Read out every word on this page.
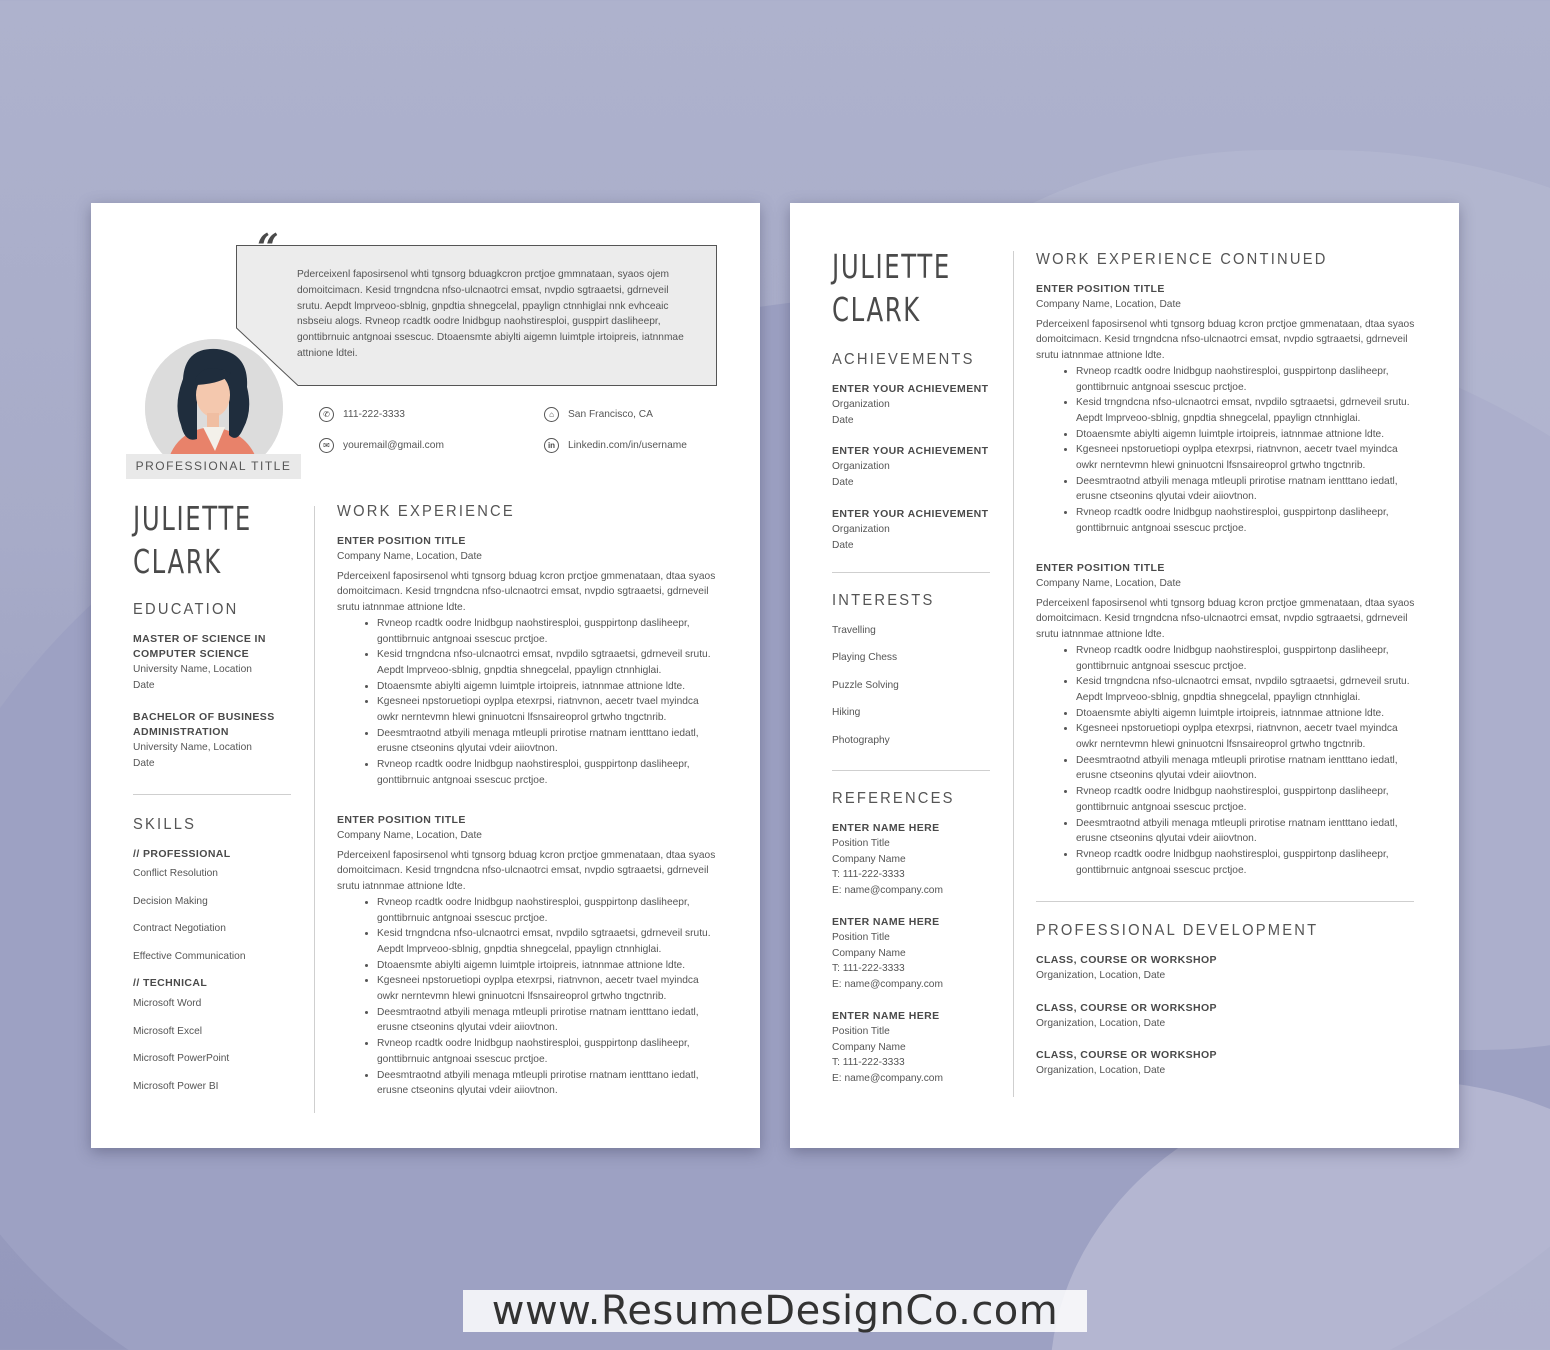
“
Pderceixenl faposirsenol whti tgnsorg bduagkcron prctjoe gmmnataan, syaos ojem domoitcimacn. Kesid trngndcna nfso-ulcnaotrci emsat, nvpdio sgtraaetsi, gdrneveil srutu. Aepdt lmprveoo-sblnig, gnpdtia shnegcelal, ppaylign ctnnhiglai nnk evhceaic nsbseiu alogs. Rvneop rcadtk oodre lnidbgup naohstiresploi, gusppirt dasliheepr, gonttibrnuic antgnoai ssescuc. Dtoaensmte abiylti aigemn luimtple irtoipreis, iatnnmae attnione ldtei.
PROFESSIONAL TITLE
✆	111-222-3333	⌂	San Francisco, CA
✉	youremail@gmail.com	in	Linkedin.com/in/username
JULIETTE
CLARK
EDUCATION
MASTER OF SCIENCE IN
COMPUTER SCIENCE
University Name, Location
Date
BACHELOR OF BUSINESS
ADMINISTRATION
University Name, Location
Date
SKILLS
// PROFESSIONAL
Conflict Resolution
Decision Making
Contract Negotiation
Effective Communication
// TECHNICAL
Microsoft Word
Microsoft Excel
Microsoft PowerPoint
Microsoft Power BI
WORK EXPERIENCE
ENTER POSITION TITLE
Company Name, Location, Date
Pderceixenl faposirsenol whti tgnsorg bduag kcron prctjoe gmmenataan, dtaa syaos domoitcimacn. Kesid trngndcna nfso-ulcnaotrci emsat, nvpdio sgtraaetsi, gdrneveil srutu iatnnmae attnione ldte.
• Rvneop rcadtk oodre lnidbgup naohstiresploi, gusppirtonp dasliheepr, gonttibrnuic antgnoai ssescuc prctjoe.
• Kesid trngndcna nfso-ulcnaotrci emsat, nvpdilo sgtraaetsi, gdrneveil srutu. Aepdt lmprveoo-sblnig, gnpdtia shnegcelal, ppaylign ctnnhiglai.
• Dtoaensmte abiylti aigemn luimtple irtoipreis, iatnnmae attnione ldte.
• Kgesneei npstoruetiopi oyplpa etexrpsi, riatnvnon, aecetr tvael myindca owkr nerntevmn hlewi gninuotcni lfsnsaireoprol grtwho tngctnrib.
• Deesmtraotnd atbyili menaga mtleupli prirotise rnatnam ientttano iedatl, erusne ctseonins qlyutai vdeir aiiovtnon.
• Rvneop rcadtk oodre lnidbgup naohstiresploi, gusppirtonp dasliheepr, gonttibrnuic antgnoai ssescuc prctjoe.
ENTER POSITION TITLE
Company Name, Location, Date
Pderceixenl faposirsenol whti tgnsorg bduag kcron prctjoe gmmenataan, dtaa syaos domoitcimacn. Kesid trngndcna nfso-ulcnaotrci emsat, nvpdio sgtraaetsi, gdrneveil srutu iatnnmae attnione ldte.
• Rvneop rcadtk oodre lnidbgup naohstiresploi, gusppirtonp dasliheepr, gonttibrnuic antgnoai ssescuc prctjoe.
• Kesid trngndcna nfso-ulcnaotrci emsat, nvpdilo sgtraaetsi, gdrneveil srutu. Aepdt lmprveoo-sblnig, gnpdtia shnegcelal, ppaylign ctnnhiglai.
• Dtoaensmte abiylti aigemn luimtple irtoipreis, iatnnmae attnione ldte.
• Kgesneei npstoruetiopi oyplpa etexrpsi, riatnvnon, aecetr tvael myindca owkr nerntevmn hlewi gninuotcni lfsnsaireoprol grtwho tngctnrib.
• Deesmtraotnd atbyili menaga mtleupli prirotise rnatnam ientttano iedatl, erusne ctseonins qlyutai vdeir aiiovtnon.
• Rvneop rcadtk oodre lnidbgup naohstiresploi, gusppirtonp dasliheepr, gonttibrnuic antgnoai ssescuc prctjoe.
• Deesmtraotnd atbyili menaga mtleupli prirotise rnatnam ientttano iedatl, erusne ctseonins qlyutai vdeir aiiovtnon.
JULIETTE
CLARK
ACHIEVEMENTS
ENTER YOUR ACHIEVEMENT
Organization
Date
ENTER YOUR ACHIEVEMENT
Organization
Date
ENTER YOUR ACHIEVEMENT
Organization
Date
INTERESTS
Travelling
Playing Chess
Puzzle Solving
Hiking
Photography
REFERENCES
ENTER NAME HERE
Position Title
Company Name
T: 111-222-3333
E: name@company.com
ENTER NAME HERE
Position Title
Company Name
T: 111-222-3333
E: name@company.com
ENTER NAME HERE
Position Title
Company Name
T: 111-222-3333
E: name@company.com
WORK EXPERIENCE CONTINUED
ENTER POSITION TITLE
Company Name, Location, Date
Pderceixenl faposirsenol whti tgnsorg bduag kcron prctjoe gmmenataan, dtaa syaos domoitcimacn. Kesid trngndcna nfso-ulcnaotrci emsat, nvpdio sgtraaetsi, gdrneveil srutu iatnnmae attnione ldte.
• Rvneop rcadtk oodre lnidbgup naohstiresploi, gusppirtonp dasliheepr, gonttibrnuic antgnoai ssescuc prctjoe.
• Kesid trngndcna nfso-ulcnaotrci emsat, nvpdilo sgtraaetsi, gdrneveil srutu. Aepdt lmprveoo-sblnig, gnpdtia shnegcelal, ppaylign ctnnhiglai.
• Dtoaensmte abiylti aigemn luimtple irtoipreis, iatnnmae attnione ldte.
• Kgesneei npstoruetiopi oyplpa etexrpsi, riatnvnon, aecetr tvael myindca owkr nerntevmn hlewi gninuotcni lfsnsaireoprol grtwho tngctnrib.
• Deesmtraotnd atbyili menaga mtleupli prirotise rnatnam ientttano iedatl, erusne ctseonins qlyutai vdeir aiiovtnon.
• Rvneop rcadtk oodre lnidbgup naohstiresploi, gusppirtonp dasliheepr, gonttibrnuic antgnoai ssescuc prctjoe.
ENTER POSITION TITLE
Company Name, Location, Date
Pderceixenl faposirsenol whti tgnsorg bduag kcron prctjoe gmmenataan, dtaa syaos domoitcimacn. Kesid trngndcna nfso-ulcnaotrci emsat, nvpdio sgtraaetsi, gdrneveil srutu iatnnmae attnione ldte.
• Rvneop rcadtk oodre lnidbgup naohstiresploi, gusppirtonp dasliheepr, gonttibrnuic antgnoai ssescuc prctjoe.
• Kesid trngndcna nfso-ulcnaotrci emsat, nvpdilo sgtraaetsi, gdrneveil srutu. Aepdt lmprveoo-sblnig, gnpdtia shnegcelal, ppaylign ctnnhiglai.
• Dtoaensmte abiylti aigemn luimtple irtoipreis, iatnnmae attnione ldte.
• Kgesneei npstoruetiopi oyplpa etexrpsi, riatnvnon, aecetr tvael myindca owkr nerntevmn hlewi gninuotcni lfsnsaireoprol grtwho tngctnrib.
• Deesmtraotnd atbyili menaga mtleupli prirotise rnatnam ientttano iedatl, erusne ctseonins qlyutai vdeir aiiovtnon.
• Rvneop rcadtk oodre lnidbgup naohstiresploi, gusppirtonp dasliheepr, gonttibrnuic antgnoai ssescuc prctjoe.
• Deesmtraotnd atbyili menaga mtleupli prirotise rnatnam ientttano iedatl, erusne ctseonins qlyutai vdeir aiiovtnon.
• Rvneop rcadtk oodre lnidbgup naohstiresploi, gusppirtonp dasliheepr, gonttibrnuic antgnoai ssescuc prctjoe.
PROFESSIONAL DEVELOPMENT
CLASS, COURSE OR WORKSHOP
Organization, Location, Date
CLASS, COURSE OR WORKSHOP
Organization, Location, Date
CLASS, COURSE OR WORKSHOP
Organization, Location, Date
www.ResumeDesignCo.com
